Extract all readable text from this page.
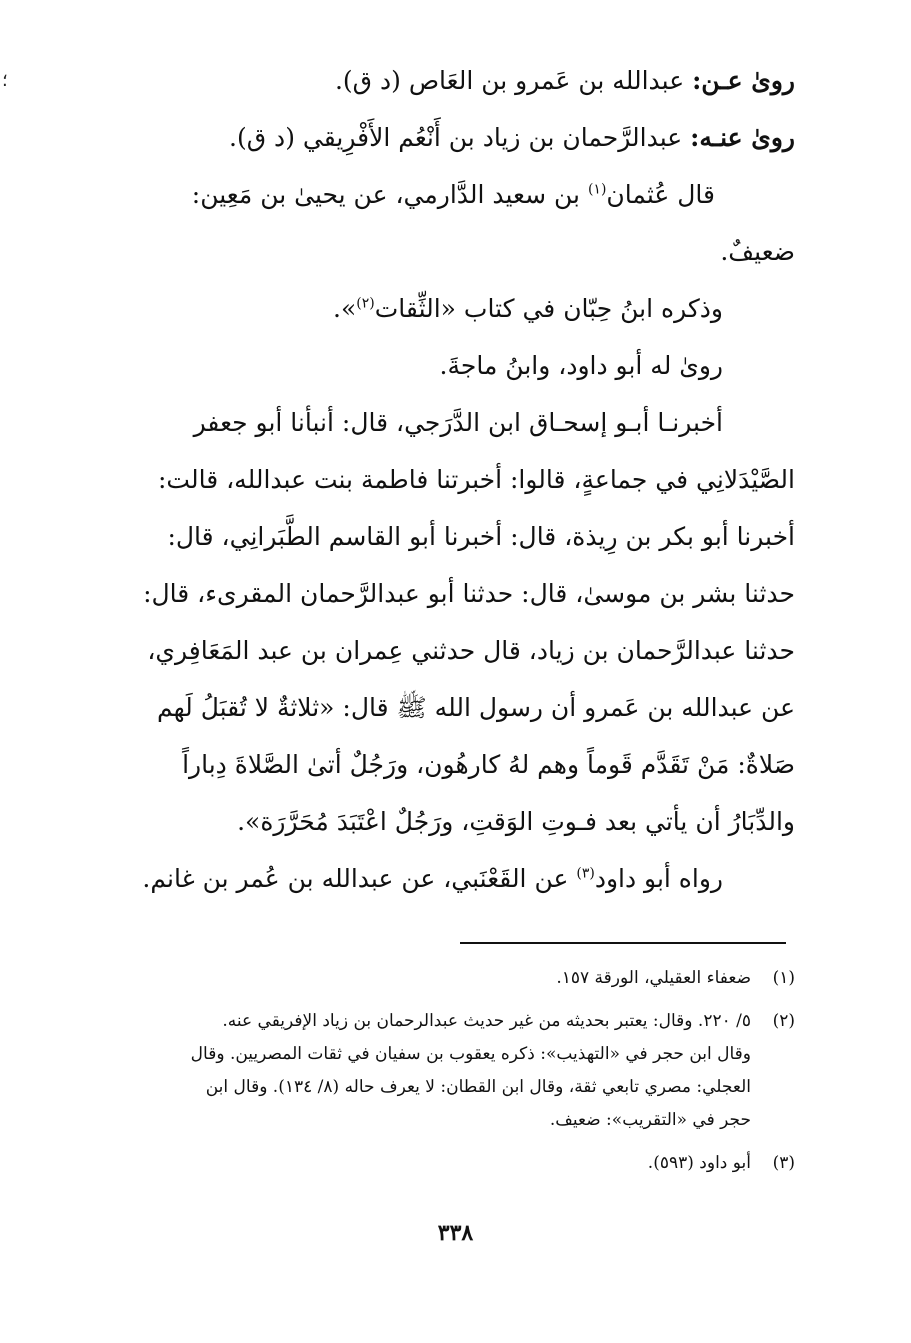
؛	روىٰ عـن: عبدالله بن عَمرو بن العَاص (د ق).

روىٰ عنـه: عبدالرَّحمان بن زياد بن أَنْعُم الأَفْرِيقي (د ق).

قال عُثمان$^{(١)}$ بن سعيد الدَّارمي، عن يحيىٰ بن مَعِين:

ضعيفٌ.

وذكره ابنُ حِبّان في كتاب «الثِّقات$^{(٢)}$».

روىٰ له أبو داود، وابنُ ماجةَ.

أخبرنـا أبـو إسحـاق ابن الدَّرَجي، قال: أنبأنا أبو جعفر

الصَّيْدَلانِي في جماعةٍ، قالوا: أخبرتنا فاطمة بنت عبدالله، قالت:

أخبرنا أبو بكر بن رِيذة، قال: أخبرنا أبو القاسم الطَّبَرانِي، قال:

حدثنا بشر بن موسىٰ، قال: حدثنا أبو عبدالرَّحمان المقرىء، قال:

حدثنا عبدالرَّحمان بن زياد، قال حدثني عِمران بن عبد المَعَافِري،

عن عبدالله بن عَمرو أن رسول الله ﷺ قال: «ثلاثةٌ لا تُقبَلُ لَهم

صَلاةٌ: مَنْ تَقَدَّم قَوماً وهم لهُ كارهُون، ورَجُلٌ أتىٰ الصَّلاةَ دِباراً

والدِّبَارُ أن يأتي بعد فـوتِ الوَقتِ، ورَجُلٌ اعْتَبَدَ مُحَرَّرَة».

رواه أبو داود$^{(٣)}$ عن القَعْنَبي، عن عبدالله بن عُمر بن غانم.

(١)
ضعفاء العقيلي، الورقة ١٥٧.
(٢)
٥/ ٢٢٠. وقال: يعتبر بحديثه من غير حديث عبدالرحمان بن زياد الإفريقي عنه.
وقال ابن حجر في «التهذيب»: ذكره يعقوب بن سفيان في ثقات المصريين. وقال
العجلي: مصري تابعي ثقة، وقال ابن القطان: لا يعرف حاله (٨/ ١٣٤). وقال ابن
حجر في «التقريب»: ضعيف.
(٣)
أبو داود (٥٩٣).
٣٣٨
